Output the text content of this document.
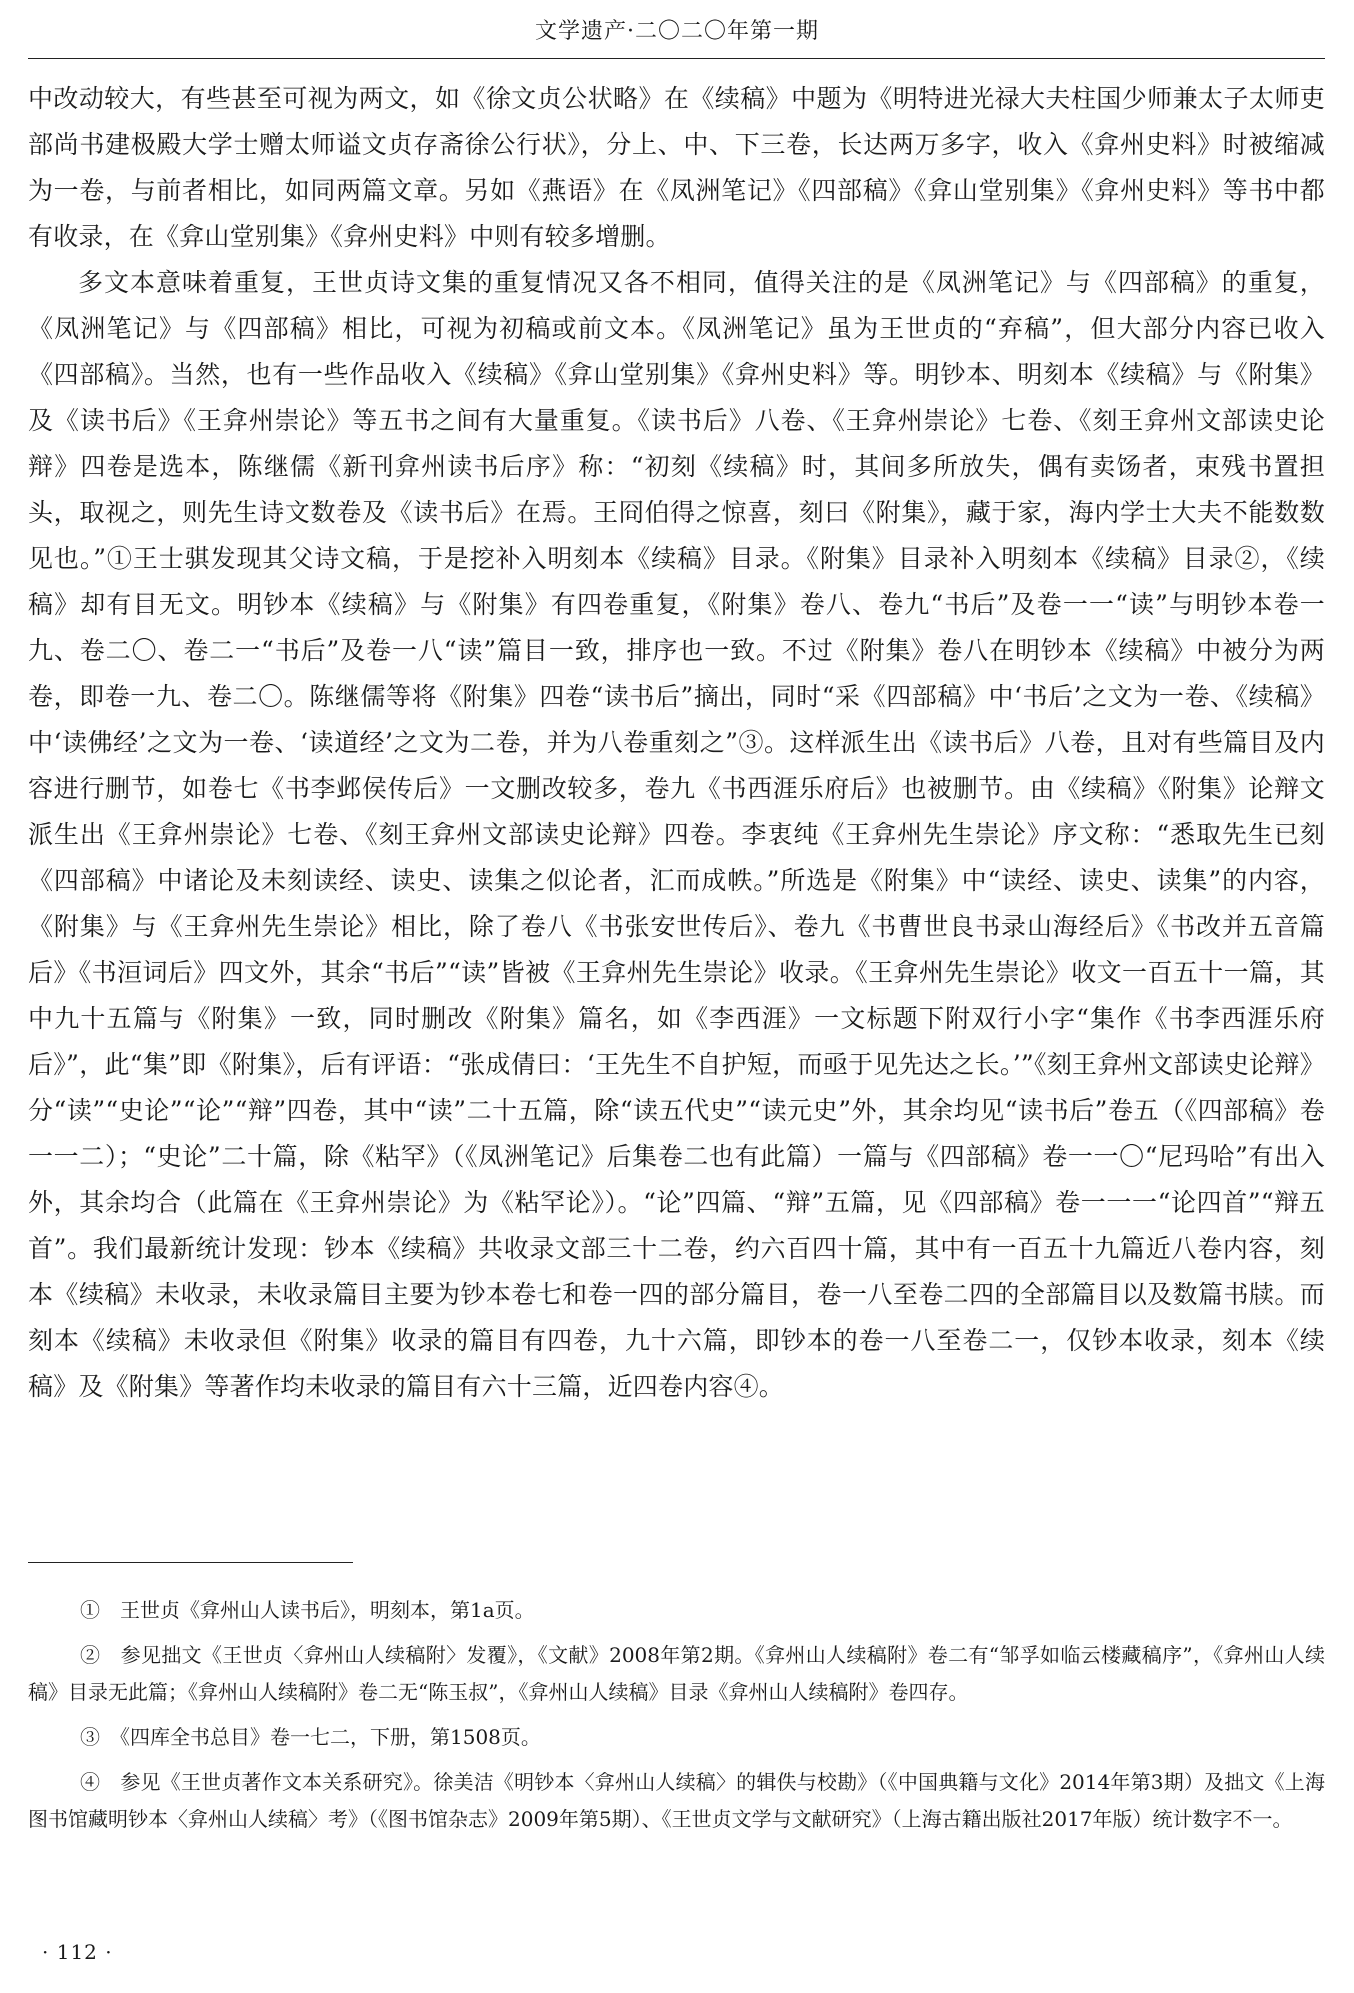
文学遗产·二〇二〇年第一期

中改动较大，有些甚至可视为两文，如《徐文贞公状略》在《续稿》中题为《明特进光禄大夫柱国少师兼太子太师吏部尚书建极殿大学士赠太师谥文贞存斋徐公行状》，分上、中、下三卷，长达两万多字，收入《弇州史料》时被缩减为一卷，与前者相比，如同两篇文章。另如《燕语》在《凤洲笔记》《四部稿》《弇山堂别集》《弇州史料》等书中都有收录，在《弇山堂别集》《弇州史料》中则有较多增删。

多文本意味着重复，王世贞诗文集的重复情况又各不相同，值得关注的是《凤洲笔记》与《四部稿》的重复，《凤洲笔记》与《四部稿》相比，可视为初稿或前文本。《凤洲笔记》虽为王世贞的“弃稿”，但大部分内容已收入《四部稿》。当然，也有一些作品收入《续稿》《弇山堂别集》《弇州史料》等。明钞本、明刻本《续稿》与《附集》及《读书后》《王弇州崇论》等五书之间有大量重复。《读书后》八卷、《王弇州崇论》七卷、《刻王弇州文部读史论辩》四卷是选本，陈继儒《新刊弇州读书后序》称：“初刻《续稿》时，其间多所放失，偶有卖饧者，束残书置担头，取视之，则先生诗文数卷及《读书后》在焉。王冏伯得之惊喜，刻曰《附集》，藏于家，海内学士大夫不能数数见也。”①王士骐发现其父诗文稿，于是挖补入明刻本《续稿》目录。《附集》目录补入明刻本《续稿》目录②，《续稿》却有目无文。明钞本《续稿》与《附集》有四卷重复，《附集》卷八、卷九“书后”及卷一一“读”与明钞本卷一九、卷二〇、卷二一“书后”及卷一八“读”篇目一致，排序也一致。不过《附集》卷八在明钞本《续稿》中被分为两卷，即卷一九、卷二〇。陈继儒等将《附集》四卷“读书后”摘出，同时“采《四部稿》中‘书后’之文为一卷、《续稿》中‘读佛经’之文为一卷、‘读道经’之文为二卷，并为八卷重刻之”③。这样派生出《读书后》八卷，且对有些篇目及内容进行删节，如卷七《书李邺侯传后》一文删改较多，卷九《书西涯乐府后》也被删节。由《续稿》《附集》论辩文派生出《王弇州崇论》七卷、《刻王弇州文部读史论辩》四卷。李衷纯《王弇州先生崇论》序文称：“悉取先生已刻《四部稿》中诸论及未刻读经、读史、读集之似论者，汇而成帙。”所选是《附集》中“读经、读史、读集”的内容，《附集》与《王弇州先生崇论》相比，除了卷八《书张安世传后》、卷九《书曹世良书录山海经后》《书改并五音篇后》《书洹词后》四文外，其余“书后”“读”皆被《王弇州先生崇论》收录。《王弇州先生崇论》收文一百五十一篇，其中九十五篇与《附集》一致，同时删改《附集》篇名，如《李西涯》一文标题下附双行小字“集作《书李西涯乐府后》”，此“集”即《附集》，后有评语：“张成倩曰：‘王先生不自护短，而亟于见先达之长。’”《刻王弇州文部读史论辩》分“读”“史论”“论”“辩”四卷，其中“读”二十五篇，除“读五代史”“读元史”外，其余均见“读书后”卷五（《四部稿》卷一一二）；“史论”二十篇，除《粘罕》（《凤洲笔记》后集卷二也有此篇）一篇与《四部稿》卷一一〇“尼玛哈”有出入外，其余均合（此篇在《王弇州崇论》为《粘罕论》）。“论”四篇、“辩”五篇，见《四部稿》卷一一一“论四首”“辩五首”。我们最新统计发现：钞本《续稿》共收录文部三十二卷，约六百四十篇，其中有一百五十九篇近八卷内容，刻本《续稿》未收录，未收录篇目主要为钞本卷七和卷一四的部分篇目，卷一八至卷二四的全部篇目以及数篇书牍。而刻本《续稿》未收录但《附集》收录的篇目有四卷，九十六篇，即钞本的卷一八至卷二一，仅钞本收录，刻本《续稿》及《附集》等著作均未收录的篇目有六十三篇，近四卷内容④。

①　王世贞《弇州山人读书后》，明刻本，第1a页。

②　参见拙文《王世贞〈弇州山人续稿附〉发覆》，《文献》2008年第2期。《弇州山人续稿附》卷二有“邹孚如临云楼藏稿序”，《弇州山人续稿》目录无此篇；《弇州山人续稿附》卷二无“陈玉叔”，《弇州山人续稿》目录《弇州山人续稿附》卷四存。

③　《四库全书总目》卷一七二，下册，第1508页。

④　参见《王世贞著作文本关系研究》。徐美洁《明钞本〈弇州山人续稿〉的辑佚与校勘》（《中国典籍与文化》2014年第3期）及拙文《上海图书馆藏明钞本〈弇州山人续稿〉考》（《图书馆杂志》2009年第5期）、《王世贞文学与文献研究》（上海古籍出版社2017年版）统计数字不一。

· 112 ·
